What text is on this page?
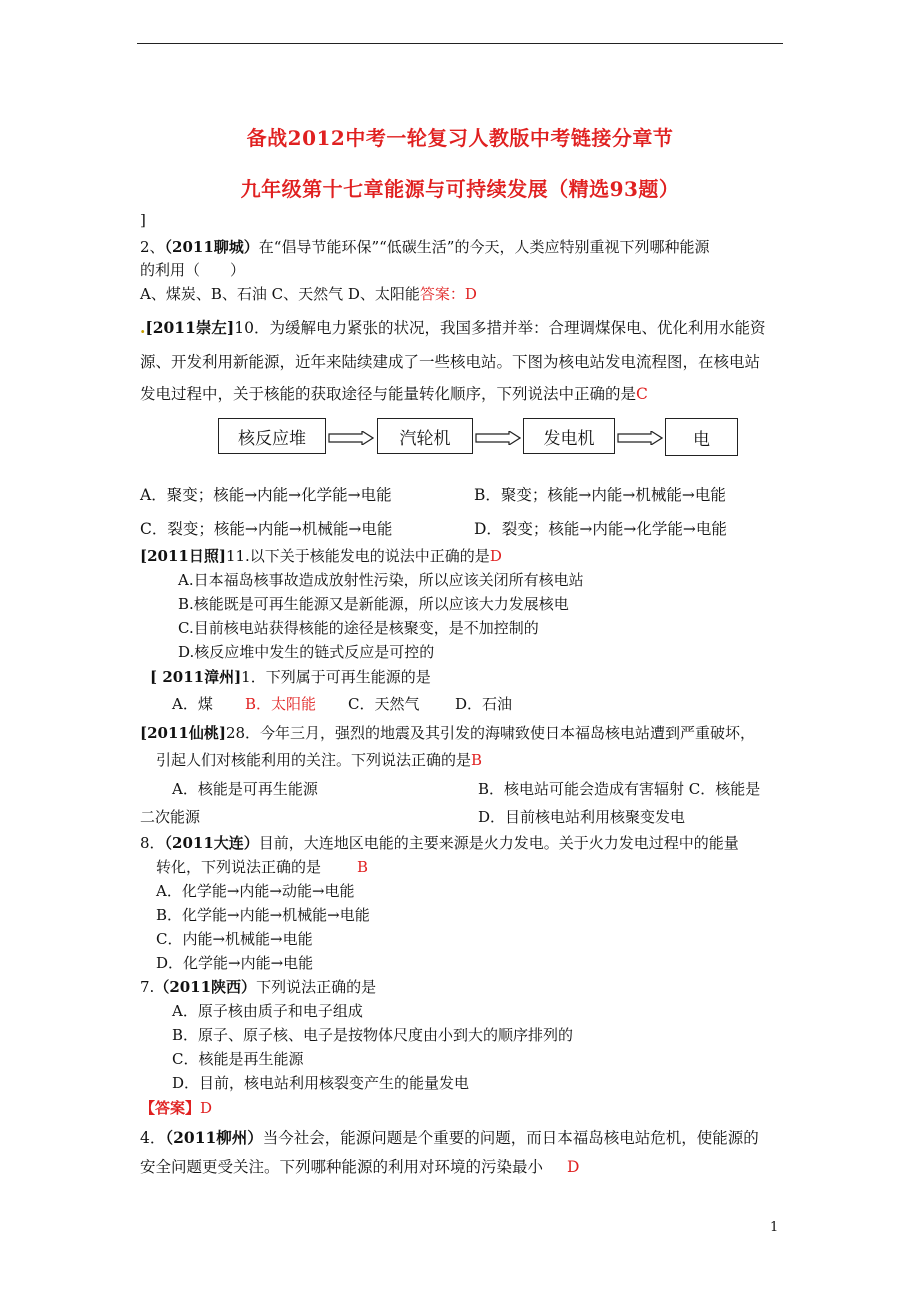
备战2012中考一轮复习人教版中考链接分章节
九年级第十七章能源与可持续发展（精选93题）
]
2、（2011聊城）在“倡导节能环保”“低碳生活”的今天，人类应特别重视下列哪种能源
的利用（　　）
A、煤炭、B、石油 C、天然气 D、太阳能答案：D
.[2011崇左]10．为缓解电力紧张的状况，我国多措并举：合理调煤保电、优化利用水能资
源、开发利用新能源，近年来陆续建成了一些核电站。下图为核电站发电流程图，在核电站
发电过程中，关于核能的获取途径与能量转化顺序，下列说法中正确的是C
核反应堆	汽轮机	发电机	电
A．聚变；核能→内能→化学能→电能	B．聚变；核能→内能→机械能→电能
C．裂变；核能→内能→机械能→电能	D．裂变；核能→内能→化学能→电能
[2011日照]11.以下关于核能发电的说法中正确的是D
A.日本福岛核事故造成放射性污染，所以应该关闭所有核电站
B.核能既是可再生能源又是新能源，所以应该大力发展核电
C.目前核电站获得核能的途径是核聚变，是不加控制的
D.核反应堆中发生的链式反应是可控的
[ 2011漳州]1．下列属于可再生能源的是
A．煤 B．太阳能 C．天然气 D．石油
[2011仙桃]28．今年三月，强烈的地震及其引发的海啸致使日本福岛核电站遭到严重破坏，
引起人们对核能利用的关注。下列说法正确的是B
A．核能是可再生能源	B．核电站可能会造成有害辐射 C．核能是
二次能源	D．目前核电站利用核聚变发电
8．（2011大连）目前，大连地区电能的主要来源是火力发电。关于火力发电过程中的能量
转化，下列说法正确的是 B
A．化学能→内能→动能→电能
B．化学能→内能→机械能→电能
C．内能→机械能→电能
D．化学能→内能→电能
7.（2011陕西）下列说法正确的是
A．原子核由质子和电子组成
B．原子、原子核、电子是按物体尺度由小到大的顺序排列的
C．核能是再生能源
D．目前，核电站利用核裂变产生的能量发电
【答案】D
4．（2011柳州）当今社会，能源问题是个重要的问题，而日本福岛核电站危机，使能源的
安全问题更受关注。下列哪种能源的利用对环境的污染最小 D
1
